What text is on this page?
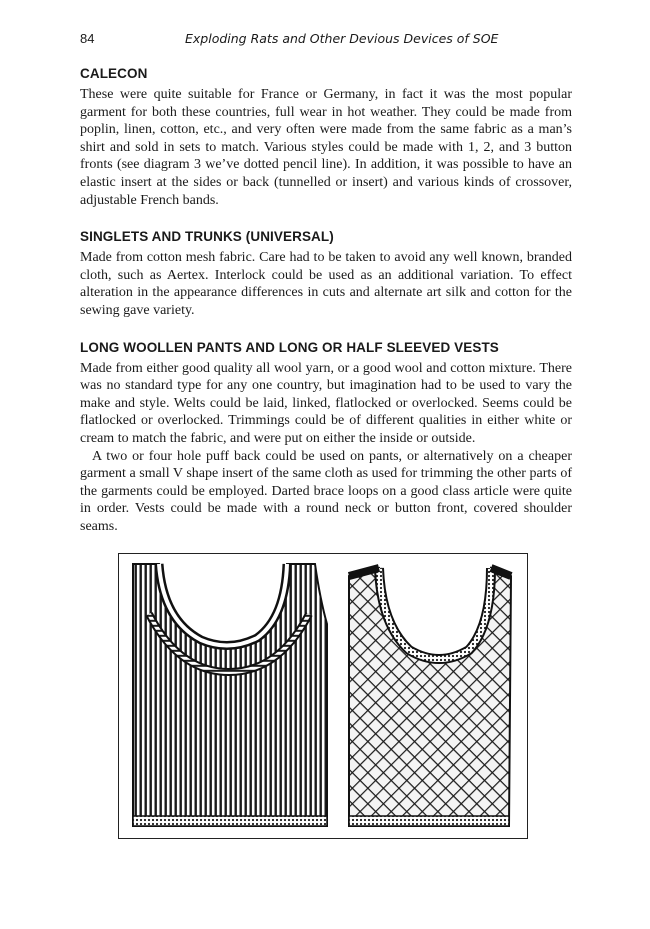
84	Exploding Rats and Other Devious Devices of SOE
CALECON

These were quite suitable for France or Germany, in fact it was the most popular garment for both these countries, full wear in hot weather. They could be made from poplin, linen, cotton, etc., and very often were made from the same fabric as a man’s shirt and sold in sets to match. Various styles could be made with 1, 2, and 3 button fronts (see diagram 3 we’ve dotted pencil line). In addition, it was possible to have an elastic insert at the sides or back (tunnelled or insert) and various kinds of crossover, adjustable French bands.

SINGLETS AND TRUNKS (UNIVERSAL)

Made from cotton mesh fabric. Care had to be taken to avoid any well known, branded cloth, such as Aertex. Interlock could be used as an additional variation. To effect alteration in the appearance differences in cuts and alternate art silk and cotton for the sewing gave variety.

LONG WOOLLEN PANTS AND LONG OR HALF SLEEVED VESTS

Made from either good quality all wool yarn, or a good wool and cotton mixture. There was no standard type for any one country, but imagination had to be used to vary the make and style. Welts could be laid, linked, flatlocked or overlocked. Seems could be flatlocked or overlocked. Trimmings could be of different qualities in either white or cream to match the fabric, and were put on either the inside or outside.

A two or four hole puff back could be used on pants, or alternatively on a cheaper garment a small V shape insert of the same cloth as used for trimming the other parts of the garments could be employed. Darted brace loops on a good class article were quite in order. Vests could be made with a round neck or button front, covered shoulder seams.
